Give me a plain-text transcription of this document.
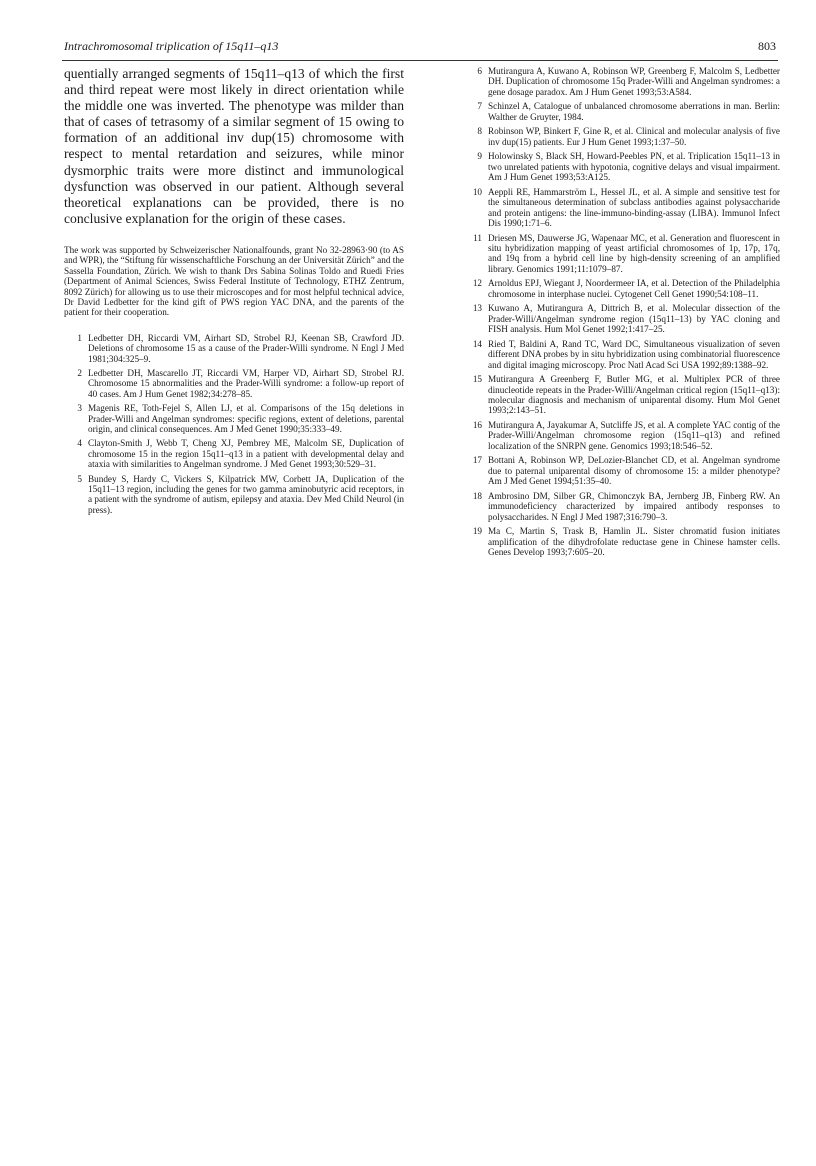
Intrachromosomal triplication of 15q11–q13	803

quentially arranged segments of 15q11–q13 of which the first and third repeat were most likely in direct orientation while the middle one was inverted. The phenotype was milder than that of cases of tetrasomy of a similar segment of 15 owing to formation of an additional inv dup(15) chromosome with respect to mental retardation and seizures, while minor dysmorphic traits were more distinct and immunological dysfunction was observed in our patient. Although several theoretical explanations can be provided, there is no conclusive explanation for the origin of these cases.

The work was supported by Schweizerischer Nationalfounds, grant No 32-28963·90 (to AS and WPR), the “Stiftung für wissenschaftliche Forschung an der Universität Zürich” and the Sassella Foundation, Zürich. We wish to thank Drs Sabina Solinas Toldo and Ruedi Fries (Department of Animal Sciences, Swiss Federal Institute of Technology, ETHZ Zentrum, 8092 Zürich) for allowing us to use their microscopes and for most helpful technical advice, Dr David Ledbetter for the kind gift of PWS region YAC DNA, and the parents of the patient for their cooperation.

1 Ledbetter DH, Riccardi VM, Airhart SD, Strobel RJ, Keenan SB, Crawford JD. Deletions of chromosome 15 as a cause of the Prader-Willi syndrome. N Engl J Med 1981;304:325–9.
2 Ledbetter DH, Mascarello JT, Riccardi VM, Harper VD, Airhart SD, Strobel RJ. Chromosome 15 abnormalities and the Prader-Willi syndrome: a follow-up report of 40 cases. Am J Hum Genet 1982;34:278–85.
3 Magenis RE, Toth-Fejel S, Allen LJ, et al. Comparisons of the 15q deletions in Prader-Willi and Angelman syndromes: specific regions, extent of deletions, parental origin, and clinical consequences. Am J Med Genet 1990;35:333–49.
4 Clayton-Smith J, Webb T, Cheng XJ, Pembrey ME, Malcolm SE, Duplication of chromosome 15 in the region 15q11–q13 in a patient with developmental delay and ataxia with similarities to Angelman syndrome. J Med Genet 1993;30:529–31.
5 Bundey S, Hardy C, Vickers S, Kilpatrick MW, Corbett JA, Duplication of the 15q11–13 region, including the genes for two gamma aminobutyric acid receptors, in a patient with the syndrome of autism, epilepsy and ataxia. Dev Med Child Neurol (in press).
6 Mutirangura A, Kuwano A, Robinson WP, Greenberg F, Malcolm S, Ledbetter DH. Duplication of chromosome 15q Prader-Willi and Angelman syndromes: a gene dosage paradox. Am J Hum Genet 1993;53:A584.
7 Schinzel A, Catalogue of unbalanced chromosome aberrations in man. Berlin: Walther de Gruyter, 1984.
8 Robinson WP, Binkert F, Gine R, et al. Clinical and molecular analysis of five inv dup(15) patients. Eur J Hum Genet 1993;1:37–50.
9 Holowinsky S, Black SH, Howard-Peebles PN, et al. Triplication 15q11–13 in two unrelated patients with hypotonia, cognitive delays and visual impairment. Am J Hum Genet 1993;53:A125.
10 Aeppli RE, Hammarström L, Hessel JL, et al. A simple and sensitive test for the simultaneous determination of subclass antibodies against polysaccharide and protein antigens: the line-immuno-binding-assay (LIBA). Immunol Infect Dis 1990;1:71–6.
11 Driesen MS, Dauwerse JG, Wapenaar MC, et al. Generation and fluorescent in situ hybridization mapping of yeast artificial chromosomes of 1p, 17p, 17q, and 19q from a hybrid cell line by high-density screening of an amplified library. Genomics 1991;11:1079–87.
12 Arnoldus EPJ, Wiegant J, Noordermeer IA, et al. Detection of the Philadelphia chromosome in interphase nuclei. Cytogenet Cell Genet 1990;54:108–11.
13 Kuwano A, Mutirangura A, Dittrich B, et al. Molecular dissection of the Prader-Willi/Angelman syndrome region (15q11–13) by YAC cloning and FISH analysis. Hum Mol Genet 1992;1:417–25.
14 Ried T, Baldini A, Rand TC, Ward DC, Simultaneous visualization of seven different DNA probes by in situ hybridization using combinatorial fluorescence and digital imaging microscopy. Proc Natl Acad Sci USA 1992;89:1388–92.
15 Mutirangura A Greenberg F, Butler MG, et al. Multiplex PCR of three dinucleotide repeats in the Prader-Willi/Angelman critical region (15q11–q13): molecular diagnosis and mechanism of uniparental disomy. Hum Mol Genet 1993;2:143–51.
16 Mutirangura A, Jayakumar A, Sutcliffe JS, et al. A complete YAC contig of the Prader-Willi/Angelman chromosome region (15q11–q13) and refined localization of the SNRPN gene. Genomics 1993;18:546–52.
17 Bottani A, Robinson WP, DeLozier-Blanchet CD, et al. Angelman syndrome due to paternal uniparental disomy of chromosome 15: a milder phenotype? Am J Med Genet 1994;51:35–40.
18 Ambrosino DM, Silber GR, Chimonczyk BA, Jernberg JB, Finberg RW. An immunodeficiency characterized by impaired antibody responses to polysaccharides. N Engl J Med 1987;316:790–3.
19 Ma C, Martin S, Trask B, Hamlin JL. Sister chromatid fusion initiates amplification of the dihydrofolate reductase gene in Chinese hamster cells. Genes Develop 1993;7:605–20.
